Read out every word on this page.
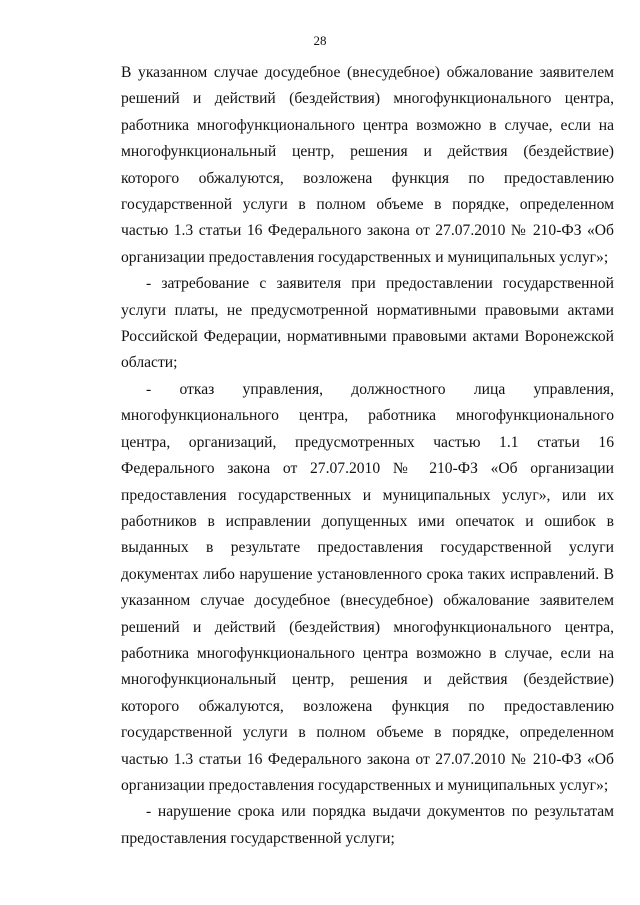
28

В указанном случае досудебное (внесудебное) обжалование заявителем решений и действий (бездействия) многофункционального центра, работника многофункционального центра возможно в случае, если на многофункциональный центр, решения и действия (бездействие) которого обжалуются, возложена функция по предоставлению государственной услуги в полном объеме в порядке, определенном частью 1.3 статьи 16 Федерального закона от 27.07.2010 № 210-ФЗ «Об организации предоставления государственных и муниципальных услуг»;

- затребование с заявителя при предоставлении государственной услуги платы, не предусмотренной нормативными правовыми актами Российской Федерации, нормативными правовыми актами Воронежской области;

- отказ управления, должностного лица управления, многофункционального центра, работника многофункционального центра, организаций, предусмотренных частью 1.1 статьи 16 Федерального закона от 27.07.2010 № 210-ФЗ «Об организации предоставления государственных и муниципальных услуг», или их работников в исправлении допущенных ими опечаток и ошибок в выданных в результате предоставления государственной услуги документах либо нарушение установленного срока таких исправлений. В указанном случае досудебное (внесудебное) обжалование заявителем решений и действий (бездействия) многофункционального центра, работника многофункционального центра возможно в случае, если на многофункциональный центр, решения и действия (бездействие) которого обжалуются, возложена функция по предоставлению государственной услуги в полном объеме в порядке, определенном частью 1.3 статьи 16 Федерального закона от 27.07.2010 № 210-ФЗ «Об организации предоставления государственных и муниципальных услуг»;

- нарушение срока или порядка выдачи документов по результатам предоставления государственной услуги;
